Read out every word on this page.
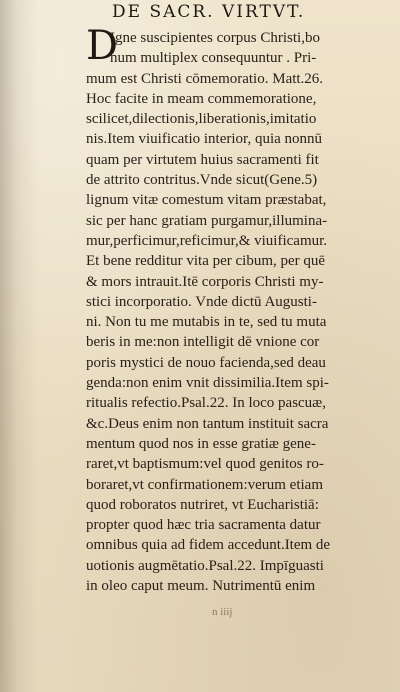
DE SACR. VIRTVT.
D
Igne suscipientes corpus Christi,bo
num multiplex consequuntur . Pri-
mum est Christi cōmemoratio. Matt.26.
Hoc facite in meam commemoratione,
scilicet,dilectionis,liberationis,imitatio
nis.Item viuificatio interior, quia nonnū
quam per virtutem huius sacramenti fit
de attrito contritus.Vnde sicut(Gene.5)
lignum vitæ comestum vitam præstabat,
sic per hanc gratiam purgamur,illumina-
mur,perficimur,reficimur,& viuificamur.
Et bene redditur vita per cibum, per quē
& mors intrauit.Itē corporis Christi my-
stici incorporatio. Vnde dictū Augusti-
ni. Non tu me mutabis in te, sed tu muta
beris in me:non intelligit dē vnione cor
poris mystici de nouo facienda,sed deau
genda:non enim vnit dissimilia.Item spi-
ritualis refectio.Psal.22. In loco pascuæ,
&c.Deus enim non tantum instituit sacra
mentum quod nos in esse gratiæ gene-
raret,vt baptismum:vel quod genitos ro-
boraret,vt confirmationem:verum etiam
quod roboratos nutriret, vt Eucharistiā:
propter quod hæc tria sacramenta datur
omnibus quia ad fidem accedunt.Item de
uotionis augmētatio.Psal.22. Impīguasti
in oleo caput meum. Nutrimentū enim
n iiij
